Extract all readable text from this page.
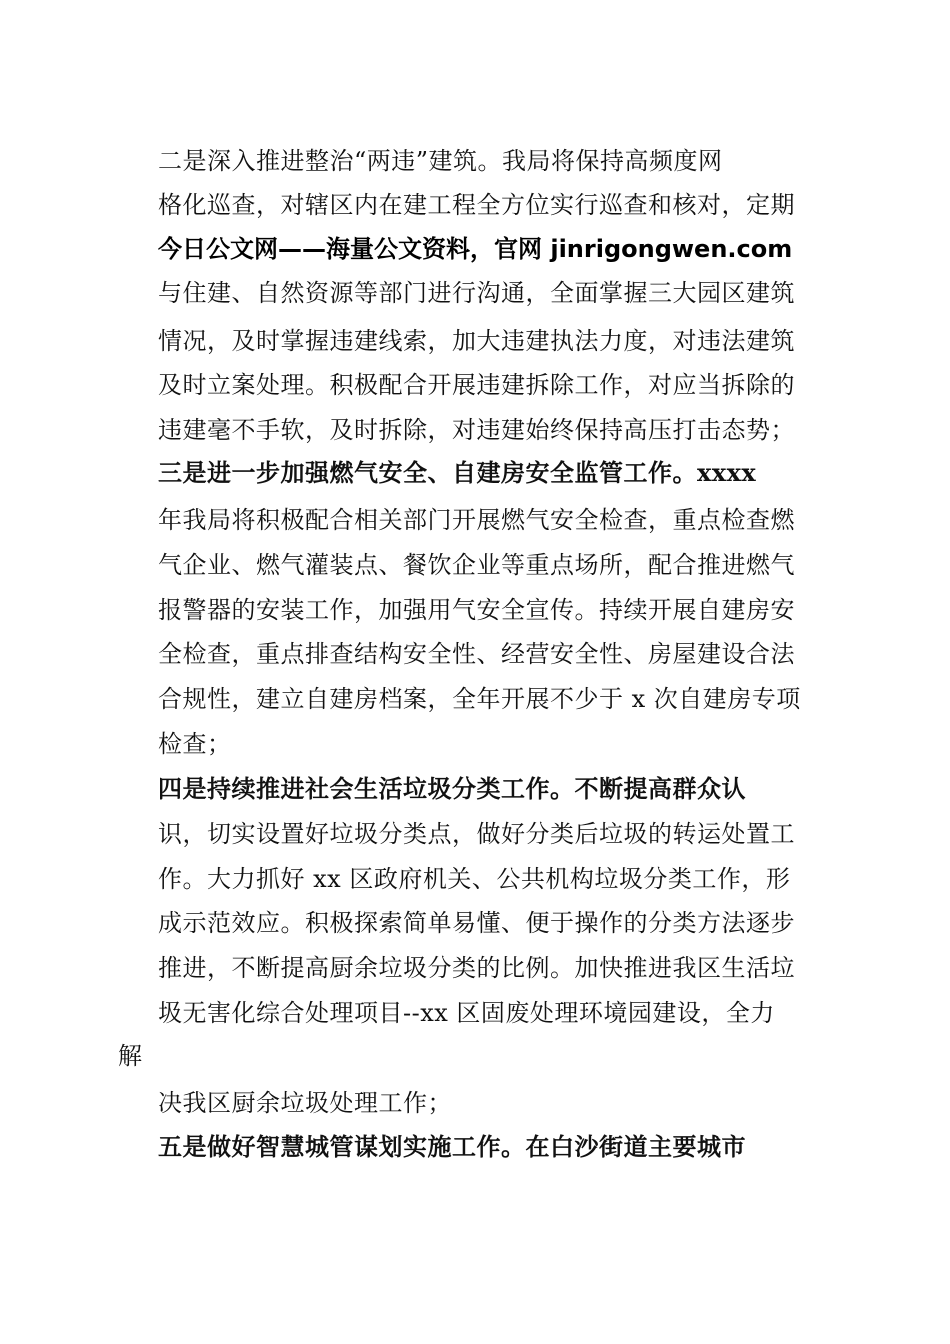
二是深入推进整治“两违”建筑。我局将保持高频度网
格化巡查，对辖区内在建工程全方位实行巡查和核对，定期
今日公文网——海量公文资料，官网 jinrigongwen.com
与住建、自然资源等部门进行沟通，全面掌握三大园区建筑
情况，及时掌握违建线索，加大违建执法力度，对违法建筑
及时立案处理。积极配合开展违建拆除工作，对应当拆除的
违建毫不手软，及时拆除，对违建始终保持高压打击态势；
三是进一步加强燃气安全、自建房安全监管工作。xxxx
年我局将积极配合相关部门开展燃气安全检查，重点检查燃
气企业、燃气灌装点、餐饮企业等重点场所，配合推进燃气
报警器的安装工作，加强用气安全宣传。持续开展自建房安
全检查，重点排查结构安全性、经营安全性、房屋建设合法
合规性，建立自建房档案，全年开展不少于 x 次自建房专项
检查；
四是持续推进社会生活垃圾分类工作。不断提高群众认
识，切实设置好垃圾分类点，做好分类后垃圾的转运处置工
作。大力抓好 xx 区政府机关、公共机构垃圾分类工作，形
成示范效应。积极探索简单易懂、便于操作的分类方法逐步
推进，不断提高厨余垃圾分类的比例。加快推进我区生活垃
圾无害化综合处理项目--xx 区固废处理环境园建设，全力
解
决我区厨余垃圾处理工作；
五是做好智慧城管谋划实施工作。在白沙街道主要城市
